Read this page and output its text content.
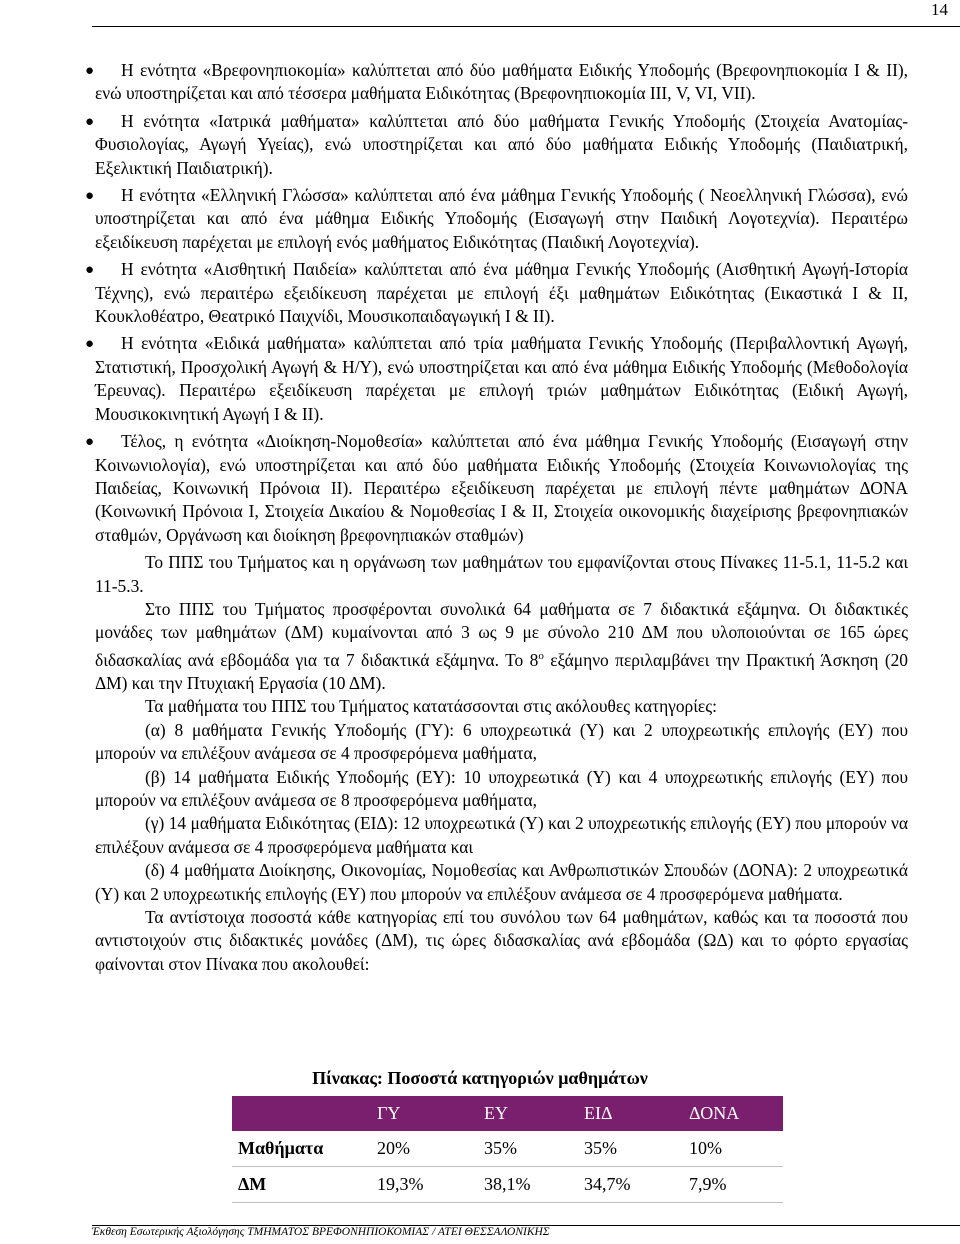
14
●	Η ενότητα «Βρεφονηπιοκομία» καλύπτεται από δύο μαθήματα Ειδικής Υποδομής (Βρεφονηπιοκομία Ι & ΙΙ), ενώ υποστηρίζεται και από τέσσερα μαθήματα Ειδικότητας (Βρεφονηπιοκομία ΙΙΙ, V, VI, VII).
●	Η ενότητα «Ιατρικά μαθήματα» καλύπτεται από δύο μαθήματα Γενικής Υποδομής (Στοιχεία Ανατομίας-Φυσιολογίας, Αγωγή Υγείας), ενώ υποστηρίζεται και από δύο μαθήματα Ειδικής Υποδομής (Παιδιατρική, Εξελικτική Παιδιατρική).
●	Η ενότητα «Ελληνική Γλώσσα» καλύπτεται από ένα μάθημα Γενικής Υποδομής ( Νεοελληνική Γλώσσα), ενώ υποστηρίζεται και από ένα μάθημα Ειδικής Υποδομής (Εισαγωγή στην Παιδική Λογοτεχνία). Περαιτέρω εξειδίκευση παρέχεται με επιλογή ενός μαθήματος Ειδικότητας (Παιδική Λογοτεχνία).
●	Η ενότητα «Αισθητική Παιδεία» καλύπτεται από ένα μάθημα Γενικής Υποδομής (Αισθητική Αγωγή-Ιστορία Τέχνης), ενώ περαιτέρω εξειδίκευση παρέχεται με επιλογή έξι μαθημάτων Ειδικότητας (Εικαστικά Ι & ΙΙ, Κουκλοθέατρο, Θεατρικό Παιχνίδι, Μουσικοπαιδαγωγική Ι & ΙΙ).
●	Η ενότητα «Ειδικά μαθήματα» καλύπτεται από τρία μαθήματα Γενικής Υποδομής (Περιβαλλοντική Αγωγή, Στατιστική, Προσχολική Αγωγή & Η/Υ), ενώ υποστηρίζεται και από ένα μάθημα Ειδικής Υποδομής (Μεθοδολογία Έρευνας). Περαιτέρω εξειδίκευση παρέχεται με επιλογή τριών μαθημάτων Ειδικότητας (Ειδική Αγωγή, Μουσικοκινητική Αγωγή Ι & ΙΙ).
●	Τέλος, η ενότητα «Διοίκηση-Νομοθεσία» καλύπτεται από ένα μάθημα Γενικής Υποδομής (Εισαγωγή στην Κοινωνιολογία), ενώ υποστηρίζεται και από δύο μαθήματα Ειδικής Υποδομής (Στοιχεία Κοινωνιολογίας της Παιδείας, Κοινωνική Πρόνοια ΙΙ). Περαιτέρω εξειδίκευση παρέχεται με επιλογή πέντε μαθημάτων ΔΟΝΑ (Κοινωνική Πρόνοια Ι, Στοιχεία Δικαίου & Νομοθεσίας Ι & ΙΙ, Στοιχεία οικονομικής διαχείρισης βρεφονηπιακών σταθμών, Οργάνωση και διοίκηση βρεφονηπιακών σταθμών)

Το ΠΠΣ του Τμήματος και η οργάνωση των μαθημάτων του εμφανίζονται στους Πίνακες 11-5.1, 11-5.2 και 11-5.3.

Στο ΠΠΣ του Τμήματος προσφέρονται συνολικά 64 μαθήματα σε 7 διδακτικά εξάμηνα. Οι διδακτικές μονάδες των μαθημάτων (ΔΜ) κυμαίνονται από 3 ως 9 με σύνολο 210 ΔΜ που υλοποιούνται σε 165 ώρες διδασκαλίας ανά εβδομάδα για τα 7 διδακτικά εξάμηνα. Το $8^o$ εξάμηνο περιλαμβάνει την Πρακτική Άσκηση (20 ΔΜ) και την Πτυχιακή Εργασία (10 ΔΜ).

Τα μαθήματα του ΠΠΣ του Τμήματος κατατάσσονται στις ακόλουθες κατηγορίες:

(α) 8 μαθήματα Γενικής Υποδομής (ΓΥ): 6 υποχρεωτικά (Υ) και 2 υποχρεωτικής επιλογής (ΕΥ) που μπορούν να επιλέξουν ανάμεσα σε 4 προσφερόμενα μαθήματα,

(β) 14 μαθήματα Ειδικής Υποδομής (ΕΥ): 10 υποχρεωτικά (Υ) και 4 υποχρεωτικής επιλογής (ΕΥ) που μπορούν να επιλέξουν ανάμεσα σε 8 προσφερόμενα μαθήματα,

(γ) 14 μαθήματα Ειδικότητας (ΕΙΔ): 12 υποχρεωτικά (Υ) και 2 υποχρεωτικής επιλογής (ΕΥ) που μπορούν να επιλέξουν ανάμεσα σε 4 προσφερόμενα μαθήματα και

(δ) 4 μαθήματα Διοίκησης, Οικονομίας, Νομοθεσίας και Ανθρωπιστικών Σπουδών (ΔΟΝΑ): 2 υποχρεωτικά (Υ) και 2 υποχρεωτικής επιλογής (ΕΥ) που μπορούν να επιλέξουν ανάμεσα σε 4 προσφερόμενα μαθήματα.

Τα αντίστοιχα ποσοστά κάθε κατηγορίας επί του συνόλου των 64 μαθημάτων, καθώς και τα ποσοστά που αντιστοιχούν στις διδακτικές μονάδες (ΔΜ), τις ώρες διδασκαλίας ανά εβδομάδα (ΩΔ) και το φόρτο εργασίας φαίνονται στον Πίνακα που ακολουθεί:

Πίνακας: Ποσοστά κατηγοριών μαθημάτων
	ΓΥ	ΕΥ	ΕΙΔ	ΔΟΝΑ
Μαθήματα	20%	35%	35%	10%
ΔΜ	19,3%	38,1%	34,7%	7,9%
Έκθεση Εσωτερικής Αξιολόγησης ΤΜΗΜΑΤΟΣ ΒΡΕΦΟΝΗΠΙΟΚΟΜΙΑΣ / ΑΤΕΙ ΘΕΣΣΑΛΟΝΙΚΗΣ
